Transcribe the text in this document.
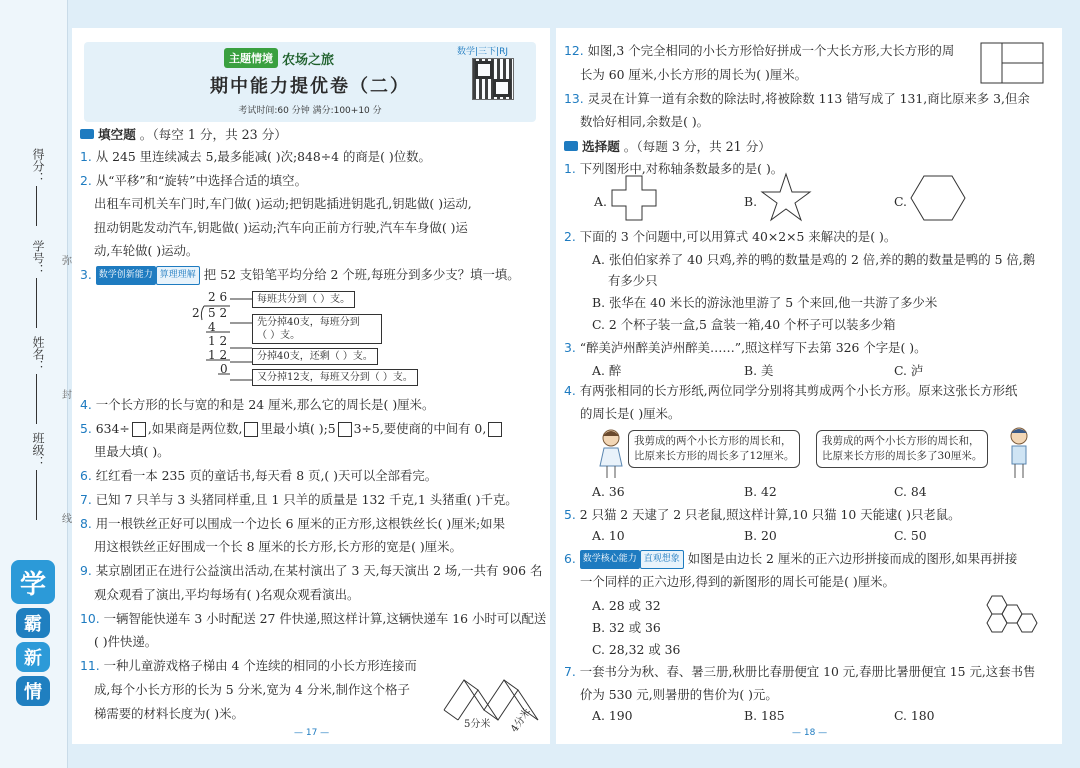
得分：
学号：
姓名：
班级：
弥
封
线
学
霸
新
情
主题情境 农场之旅
数学|三下|RJ
期中能力提优卷（二）
考试时间:60 分钟 满分:100+10 分
填空题 。（每空 1 分，共 23 分）
1. 从 245 里连续减去 5,最多能减( )次;848÷4 的商是( )位数。
2. 从“平移”和“旋转”中选择合适的填空。
出租车司机关车门时,车门做( )运动;把钥匙插进钥匙孔,钥匙做( )运动,
扭动钥匙发动汽车,钥匙做( )运动;汽车向正前方行驶,汽车车身做( )运
动,车轮做( )运动。
3. 数学创新能力 算理理解 把 52 支铅笔平均分给 2 个班,每班分到多少支？填一填。
2 6
2 5 2
4
1 2
1 2
0
每班共分到（ ）支。
先分掉40支，每班分到
（ ）支。
分掉40支，还剩（ ）支。
又分掉12支，每班又分到（ ）支。
4. 一个长方形的长与宽的和是 24 厘米,那么它的周长是( )厘米。
5. 634÷ ,如果商是两位数, 里最小填( );5 3÷5,要使商的中间有 0,
里最大填( )。
6. 红红看一本 235 页的童话书,每天看 8 页,( )天可以全部看完。
7. 已知 7 只羊与 3 头猪同样重,且 1 只羊的质量是 132 千克,1 头猪重( )千克。
8. 用一根铁丝正好可以围成一个边长 6 厘米的正方形,这根铁丝长( )厘米;如果
用这根铁丝正好围成一个长 8 厘米的长方形,长方形的宽是( )厘米。
9. 某京剧团正在进行公益演出活动,在某村演出了 3 天,每天演出 2 场,一共有 906 名
观众观看了演出,平均每场有( )名观众观看演出。
10. 一辆智能快递车 3 小时配送 27 件快递,照这样计算,这辆快递车 16 小时可以配送
( )件快递。
11. 一种儿童游戏格子梯由 4 个连续的相同的小长方形连接而
成,每个小长方形的长为 5 分米,宽为 4 分米,制作这个格子
梯需要的材料长度为( )米。
5分米 4分米
— 17 —
12. 如图,3 个完全相同的小长方形恰好拼成一个大长方形,大长方形的周
长为 60 厘米,小长方形的周长为( )厘米。
13. 灵灵在计算一道有余数的除法时,将被除数 113 错写成了 131,商比原来多 3,但余
数恰好相同,余数是( )。
选择题 。（每题 3 分，共 21 分）
1. 下列图形中,对称轴条数最多的是( )。
A.	B.	C.
2. 下面的 3 个问题中,可以用算式 40×2×5 来解决的是( )。
A. 张伯伯家养了 40 只鸡,养的鸭的数量是鸡的 2 倍,养的鹅的数量是鸭的 5 倍,鹅
有多少只
B. 张华在 40 米长的游泳池里游了 5 个来回,他一共游了多少米
C. 2 个杯子装一盒,5 盒装一箱,40 个杯子可以装多少箱
3. “醉美泸州醉美泸州醉美……”,照这样写下去第 326 个字是( )。
A. 醉	B. 美	C. 泸
4. 有两张相同的长方形纸,两位同学分别将其剪成两个小长方形。原来这张长方形纸
的周长是( )厘米。
我剪成的两个小长方形的周长和，
比原来长方形的周长多了12厘米。
我剪成的两个小长方形的周长和，
比原来长方形的周长多了30厘米。
A. 36	B. 42	C. 84
5. 2 只猫 2 天逮了 2 只老鼠,照这样计算,10 只猫 10 天能逮( )只老鼠。
A. 10	B. 20	C. 50
6. 数学核心能力 直观想象 如图是由边长 2 厘米的正六边形拼接而成的图形,如果再拼接
一个同样的正六边形,得到的新图形的周长可能是( )厘米。
A. 28 或 32
B. 32 或 36
C. 28,32 或 36
7. 一套书分为秋、春、暑三册,秋册比春册便宜 10 元,春册比暑册便宜 15 元,这套书售
价为 530 元,则暑册的售价为( )元。
A. 190	B. 185	C. 180
— 18 —
